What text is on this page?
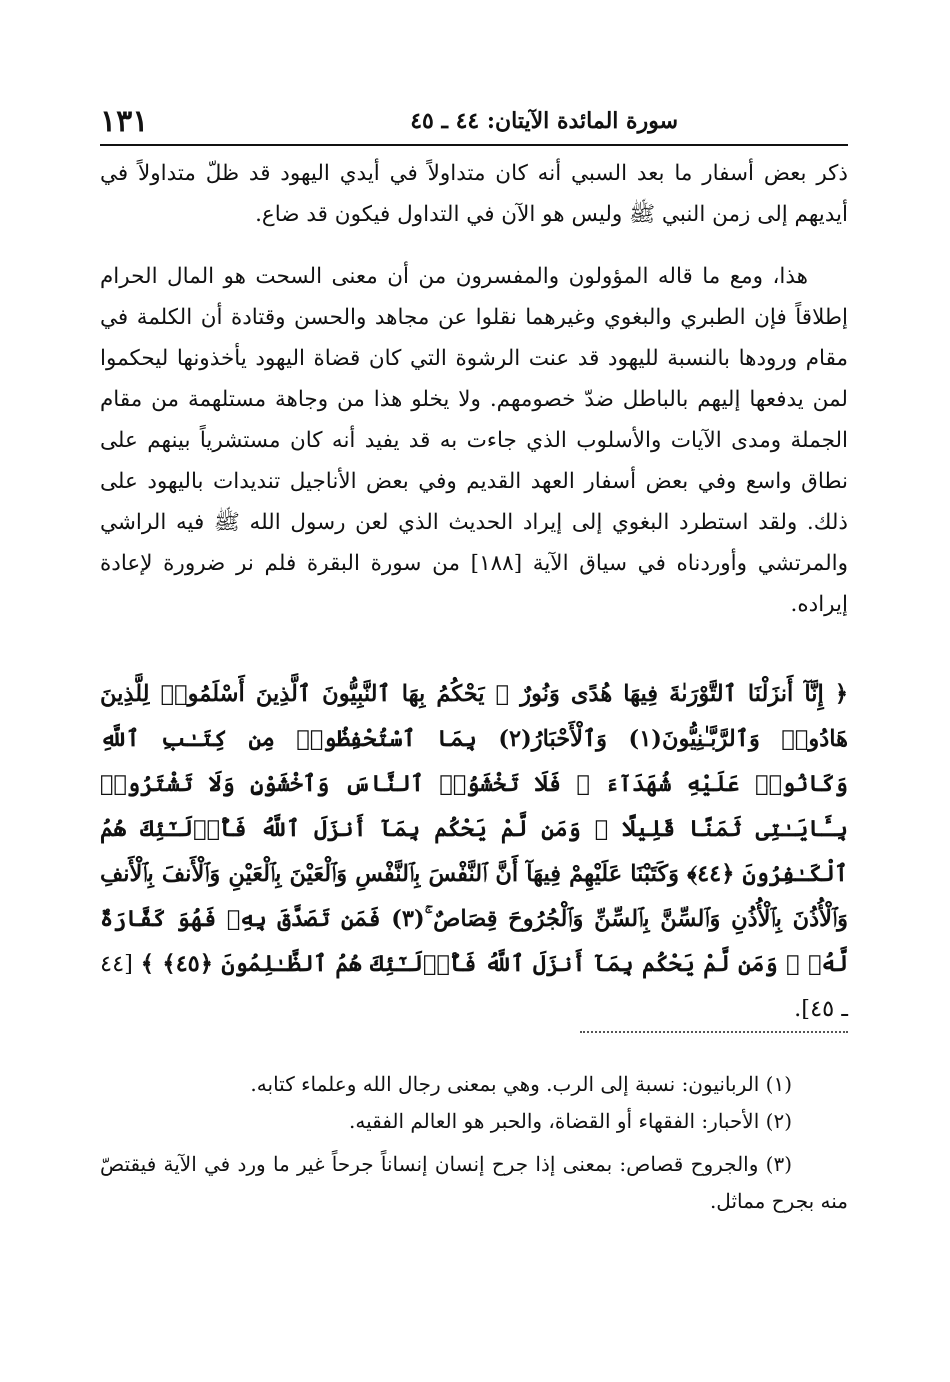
سورة المائدة الآيتان: ٤٤ ـ ٤٥
١٣١
ذكر بعض أسفار ما بعد السبي أنه كان متداولاً في أيدي اليهود قد ظلّ متداولاً في أيديهم إلى زمن النبي ﷺ وليس هو الآن في التداول فيكون قد ضاع.
هذا، ومع ما قاله المؤولون والمفسرون من أن معنى السحت هو المال الحرام إطلاقاً فإن الطبري والبغوي وغيرهما نقلوا عن مجاهد والحسن وقتادة أن الكلمة في مقام ورودها بالنسبة لليهود قد عنت الرشوة التي كان قضاة اليهود يأخذونها ليحكموا لمن يدفعها إليهم بالباطل ضدّ خصومهم. ولا يخلو هذا من وجاهة مستلهمة من مقام الجملة ومدى الآيات والأسلوب الذي جاءت به قد يفيد أنه كان مستشرياً بينهم على نطاق واسع وفي بعض أسفار العهد القديم وفي بعض الأناجيل تنديدات باليهود على ذلك. ولقد استطرد البغوي إلى إيراد الحديث الذي لعن رسول الله ﷺ فيه الراشي والمرتشي وأوردناه في سياق الآية [١٨٨] من سورة البقرة فلم نر ضرورة لإعادة إيراده.
﴿ إِنَّآ أَنزَلْنَا ٱلتَّوْرَىٰةَ فِيهَا هُدًى وَنُورٌ ۚ يَحْكُمُ بِهَا ٱلنَّبِيُّونَ ٱلَّذِينَ أَسْلَمُوا۟ لِلَّذِينَ هَادُوا۟ وَٱلرَّبَّـٰنِيُّونَ(١) وَٱلْأَحْبَارُ(٢) بِمَا ٱسْتُحْفِظُوا۟ مِن كِتَـٰبِ ٱللَّهِ وَكَانُوا۟ عَلَيْهِ شُهَدَآءَ ۚ فَلَا تَخْشَوُا۟ ٱلنَّاسَ وَٱخْشَوْنِ وَلَا تَشْتَرُوا۟ بِـَٔايَـٰتِى ثَمَنًا قَلِيلًا ۚ وَمَن لَّمْ يَحْكُم بِمَآ أَنزَلَ ٱللَّهُ فَأُو۟لَـٰٓئِكَ هُمُ ٱلْكَـٰفِرُونَ ﴿٤٤﴾ وَكَتَبْنَا عَلَيْهِمْ فِيهَآ أَنَّ ٱلنَّفْسَ بِٱلنَّفْسِ وَٱلْعَيْنَ بِٱلْعَيْنِ وَٱلْأَنفَ بِٱلْأَنفِ وَٱلْأُذُنَ بِٱلْأُذُنِ وَٱلسِّنَّ بِٱلسِّنِّ وَٱلْجُرُوحَ قِصَاصٌ ۚ(٣) فَمَن تَصَدَّقَ بِهِۦ فَهُوَ كَفَّارَةٌ لَّهُۥ ۚ وَمَن لَّمْ يَحْكُم بِمَآ أَنزَلَ ٱللَّهُ فَأُو۟لَـٰٓئِكَ هُمُ ٱلظَّـٰلِمُونَ ﴿٤٥﴾ ﴾ [٤٤ ـ ٤٥].

(١) الربانيون: نسبة إلى الرب. وهي بمعنى رجال الله وعلماء كتابه.

(٢) الأحبار: الفقهاء أو القضاة، والحبر هو العالم الفقيه.

(٣) والجروح قصاص: بمعنى إذا جرح إنسان إنساناً جرحاً غير ما ورد في الآية فيقتصّ منه بجرح مماثل.
